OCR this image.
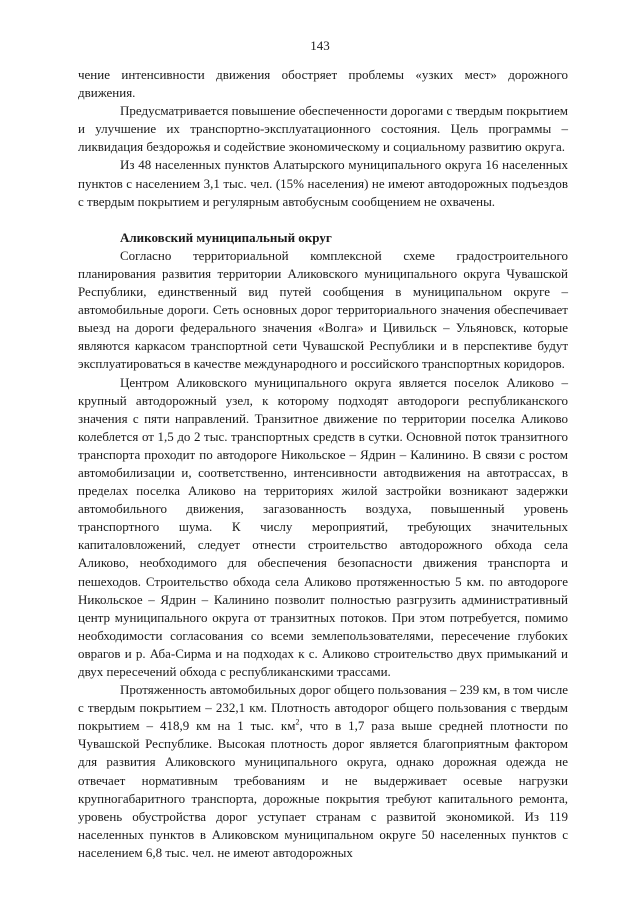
143

чение интенсивности движения обостряет проблемы «узких мест» дорожного движения.

Предусматривается повышение обеспеченности дорогами с твердым покрытием и улучшение их транспортно-эксплуатационного состояния. Цель программы – ликвидация бездорожья и содействие экономическому и социальному развитию округа.

Из 48 населенных пунктов Алатырского муниципального округа 16 населенных пунктов с населением 3,1 тыс. чел. (15% населения) не имеют автодорожных подъездов с твердым покрытием и регулярным автобусным сообщением не охвачены.

Аликовский муниципальный округ

Согласно территориальной комплексной схеме градостроительного планирования развития территории Аликовского муниципального округа Чувашской Республики, единственный вид путей сообщения в муниципальном округе – автомобильные дороги. Сеть основных дорог территориального значения обеспечивает выезд на дороги федерального значения «Волга» и Цивильск – Ульяновск, которые являются каркасом транспортной сети Чувашской Республики и в перспективе будут эксплуатироваться в качестве международного и российского транспортных коридоров.

Центром Аликовского муниципального округа является поселок Аликово – крупный автодорожный узел, к которому подходят автодороги республиканского значения с пяти направлений. Транзитное движение по территории поселка Аликово колеблется от 1,5 до 2 тыс. транспортных средств в сутки. Основной поток транзитного транспорта проходит по автодороге Никольское – Ядрин – Калинино. В связи с ростом автомобилизации и, соответственно, интенсивности автодвижения на автотрассах, в пределах поселка Аликово на территориях жилой застройки возникают задержки автомобильного движения, загазованность воздуха, повышенный уровень транспортного шума. К числу мероприятий, требующих значительных капиталовложений, следует отнести строительство автодорожного обхода села Аликово, необходимого для обеспечения безопасности движения транспорта и пешеходов. Строительство обхода села Аликово протяженностью 5 км. по автодороге Никольское – Ядрин – Калинино позволит полностью разгрузить административный центр муниципального округа от транзитных потоков. При этом потребуется, помимо необходимости согласования со всеми землепользователями, пересечение глубоких оврагов и р. Аба-Сирма и на подходах к с. Аликово строительство двух примыканий и двух пересечений обхода с республиканскими трассами.

Протяженность автомобильных дорог общего пользования – 239 км, в том числе с твердым покрытием – 232,1 км. Плотность автодорог общего пользования с твердым покрытием – 418,9 км на 1 тыс. $км^2$, что в 1,7 раза выше средней плотности по Чувашской Республике. Высокая плотность дорог является благоприятным фактором для развития Аликовского муниципального округа, однако дорожная одежда не отвечает нормативным требованиям и не выдерживает осевые нагрузки крупногабаритного транспорта, дорожные покрытия требуют капитального ремонта, уровень обустройства дорог уступает странам с развитой экономикой. Из 119 населенных пунктов в Аликовском муниципальном округе 50 населенных пунктов с населением 6,8 тыс. чел. не имеют автодорожных
